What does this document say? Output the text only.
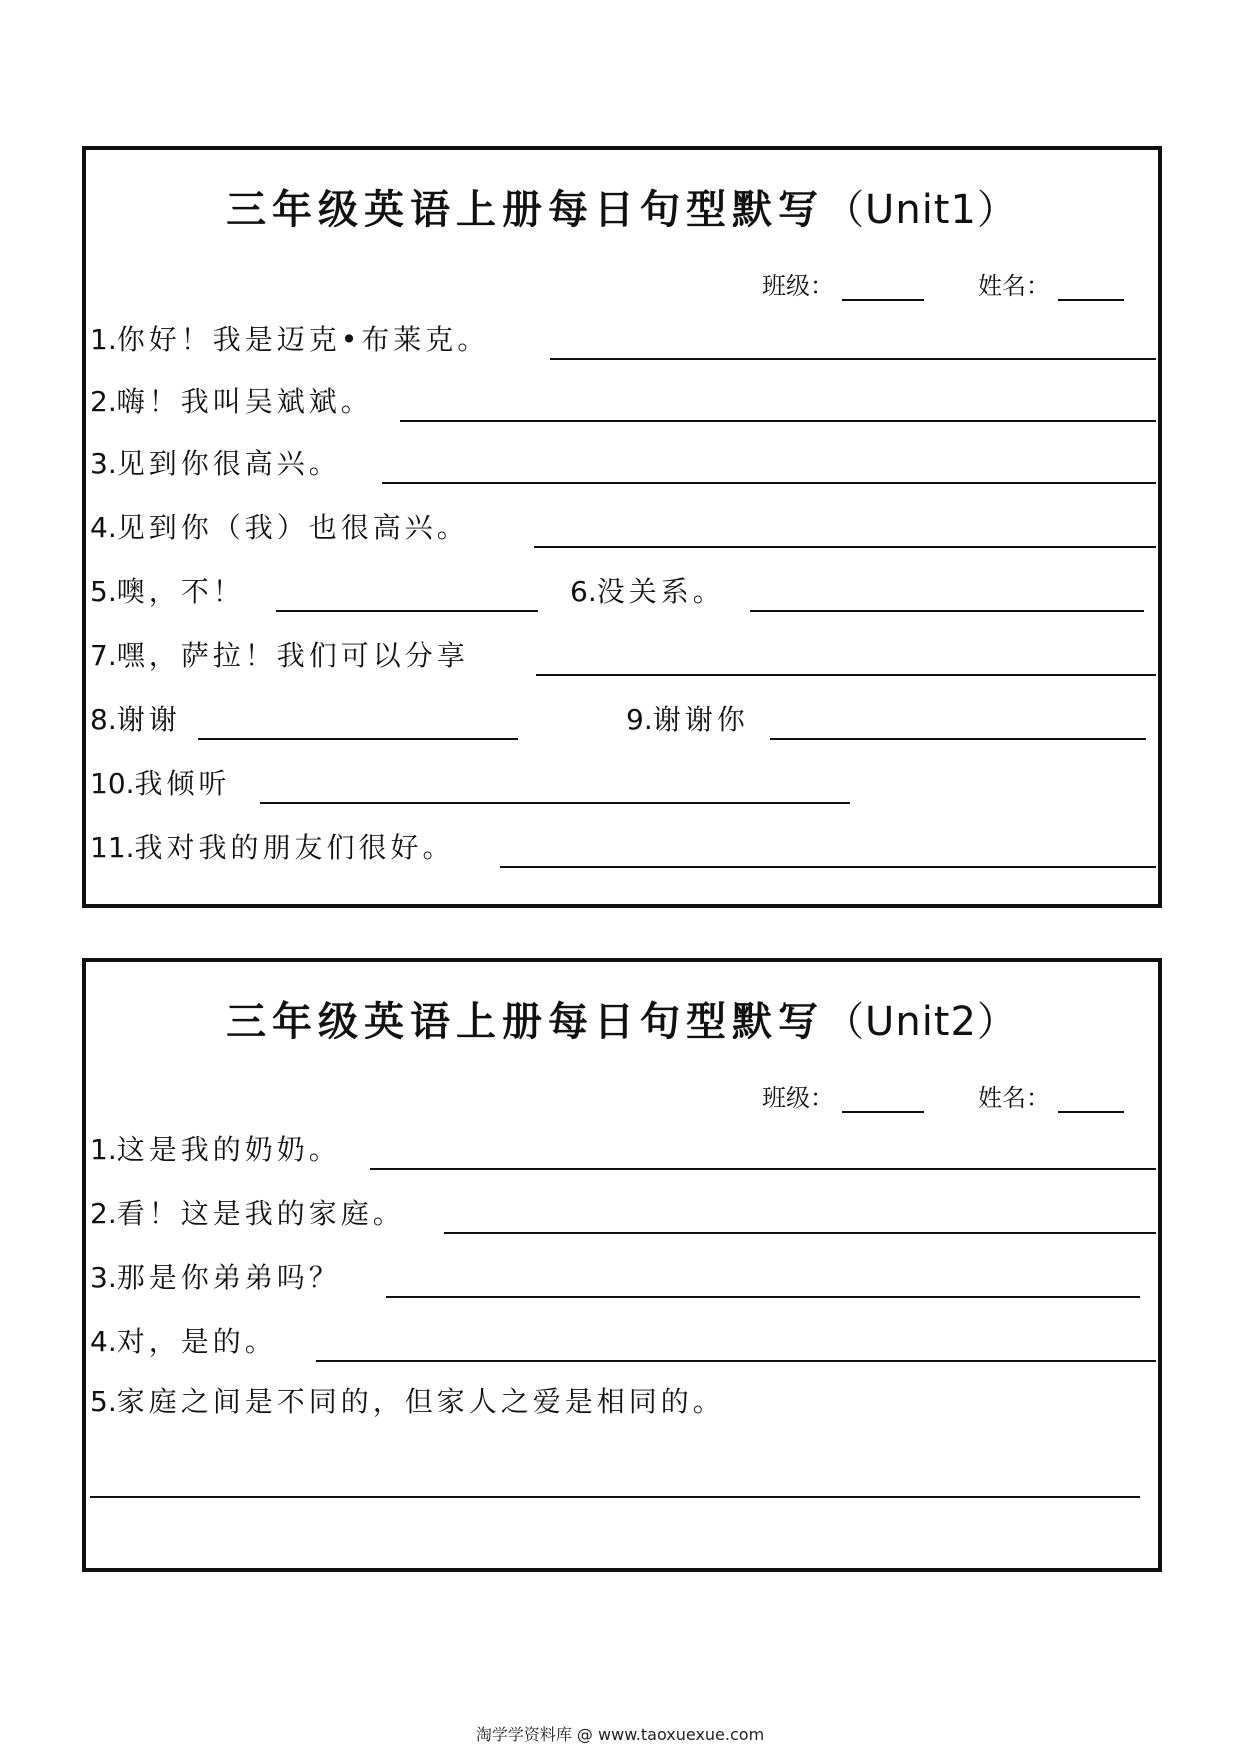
三年级英语上册每日句型默写（Unit1）
班级：	姓名：
1.你好！我是迈克•布莱克。
2.嗨！我叫吴斌斌。
3.见到你很高兴。
4.见到你（我）也很高兴。
5.噢，不！	6.没关系。
7.嘿，萨拉！我们可以分享
8.谢谢	9.谢谢你
10.我倾听
11.我对我的朋友们很好。
三年级英语上册每日句型默写（Unit2）
班级：	姓名：
1.这是我的奶奶。
2.看！这是我的家庭。
3.那是你弟弟吗？
4.对，是的。
5.家庭之间是不同的，但家人之爱是相同的。
淘学学资料库 @ www.taoxuexue.com
